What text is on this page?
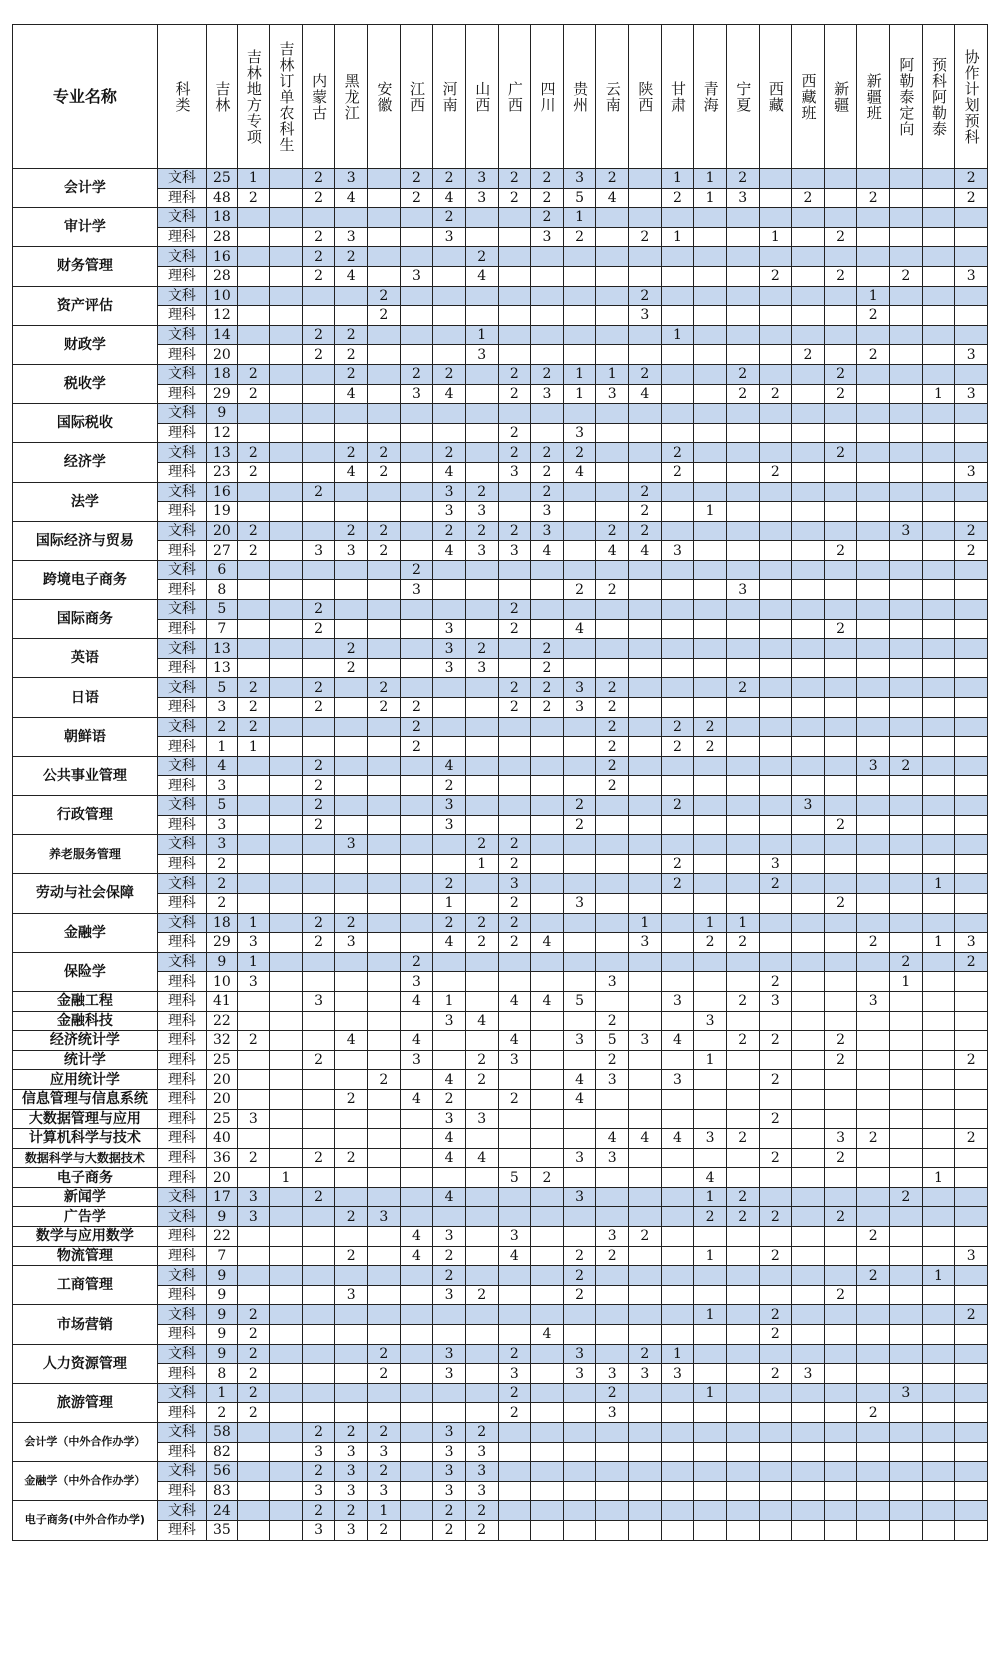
专业名称	科类	吉林	吉林地方专项	吉林订单农科生	内蒙古	黑龙江	安徽	江西	河南	山西	广西	四川	贵州	云南	陕西	甘肃	青海	宁夏	西藏	西藏班	新疆	新疆班	阿勒泰定向	预科阿勒泰	协作计划预科
会计学	文科	25	1		2	3		2	2	3	2	2	3	2		1	1	2							2
	理科	48	2		2	4		2	4	3	2	2	5	4		2	1	3		2		2			2
审计学	文科	18							2			2	1												
	理科	28			2	3			3			3	2		2	1			1		2				
财务管理	文科	16			2	2				2															
	理科	28			2	4		3		4									2		2		2		3
资产评估	文科	10					2								2							1			
	理科	12					2								3							2			
财政学	文科	14			2	2				1						1									
	理科	20			2	2				3										2		2			3
税收学	文科	18	2			2		2	2		2	2	1	1	2			2			2				
	理科	29	2			4		3	4		2	3	1	3	4			2	2		2			1	3
国际税收	文科	9																							
	理科	12									2		3												
经济学	文科	13	2			2	2		2		2	2	2			2					2				
	理科	23	2			4	2		4		3	2	4			2			2						3
法学	文科	16			2				3	2		2			2										
	理科	19							3	3		3			2		1								
国际经济与贸易	文科	20	2			2	2		2	2	2	3		2	2								3		2
	理科	27	2		3	3	2		4	3	3	4		4	4	3					2				2
跨境电子商务	文科	6						2																	
	理科	8						3					2	2				3							
国际商务	文科	5			2						2														
	理科	7			2				3		2		4								2				
英语	文科	13				2			3	2		2													
	理科	13				2			3	3		2													
日语	文科	5	2		2		2				2	2	3	2				2							
	理科	3	2		2		2	2			2	2	3	2											
朝鲜语	文科	2	2					2						2		2	2								
	理科	1	1					2						2		2	2								
公共事业管理	文科	4			2				4					2								3	2		
	理科	3			2				2					2											
行政管理	文科	5			2				3				2			2				3					
	理科	3			2				3				2								2				
养老服务管理	文科	3				3				2	2														
	理科	2								1	2					2			3						
劳动与社会保障	文科	2							2		3					2			2					1	
	理科	2							1		2		3								2				
金融学	文科	18	1		2	2			2	2	2				1		1	1							
	理科	29	3		2	3			4	2	2	4			3		2	2				2		1	3
保险学	文科	9	1					2															2		2
	理科	10	3					3						3					2				1		
金融工程	理科	41			3			4	1		4	4	5			3		2	3			3			
金融科技	理科	22							3	4				2			3								
经济统计学	理科	32	2			4		4			4		3	5	3	4		2	2		2				
统计学	理科	25			2			3		2	3			2			1				2				2
应用统计学	理科	20					2		4	2			4	3		3			2						
信息管理与信息系统	理科	20				2		4	2		2		4												
大数据管理与应用	理科	25	3						3	3									2						
计算机科学与技术	理科	40							4					4	4	4	3	2			3	2			2
数据科学与大数据技术	理科	36	2		2	2			4	4			3	3					2		2				
电子商务	理科	20		1							5	2					4							1	
新闻学	文科	17	3		2				4				3				1	2					2		
广告学	文科	9	3			2	3										2	2	2		2				
数学与应用数学	理科	22						4	3		3			3	2							2			
物流管理	理科	7				2		4	2		4		2	2			1		2						3
工商管理	文科	9							2				2									2		1	
	理科	9				3			3	2			2								2				
市场营销	文科	9	2														1		2						2
	理科	9	2									4							2						
人力资源管理	文科	9	2				2		3		2		3		2	1									
	理科	8	2				2		3		3		3	3	3	3			2	3					
旅游管理	文科	1	2								2			2			1						3		
	理科	2	2								2			3								2			
会计学（中外合作办学）	文科	58			2	2	2		3	2															
	理科	82			3	3	3		3	3															
金融学（中外合作办学）	文科	56			2	3	2		3	3															
	理科	83			3	3	3		3	3															
电子商务(中外合作办学)	文科	24			2	2	1		2	2															
	理科	35			3	3	2		2	2															
